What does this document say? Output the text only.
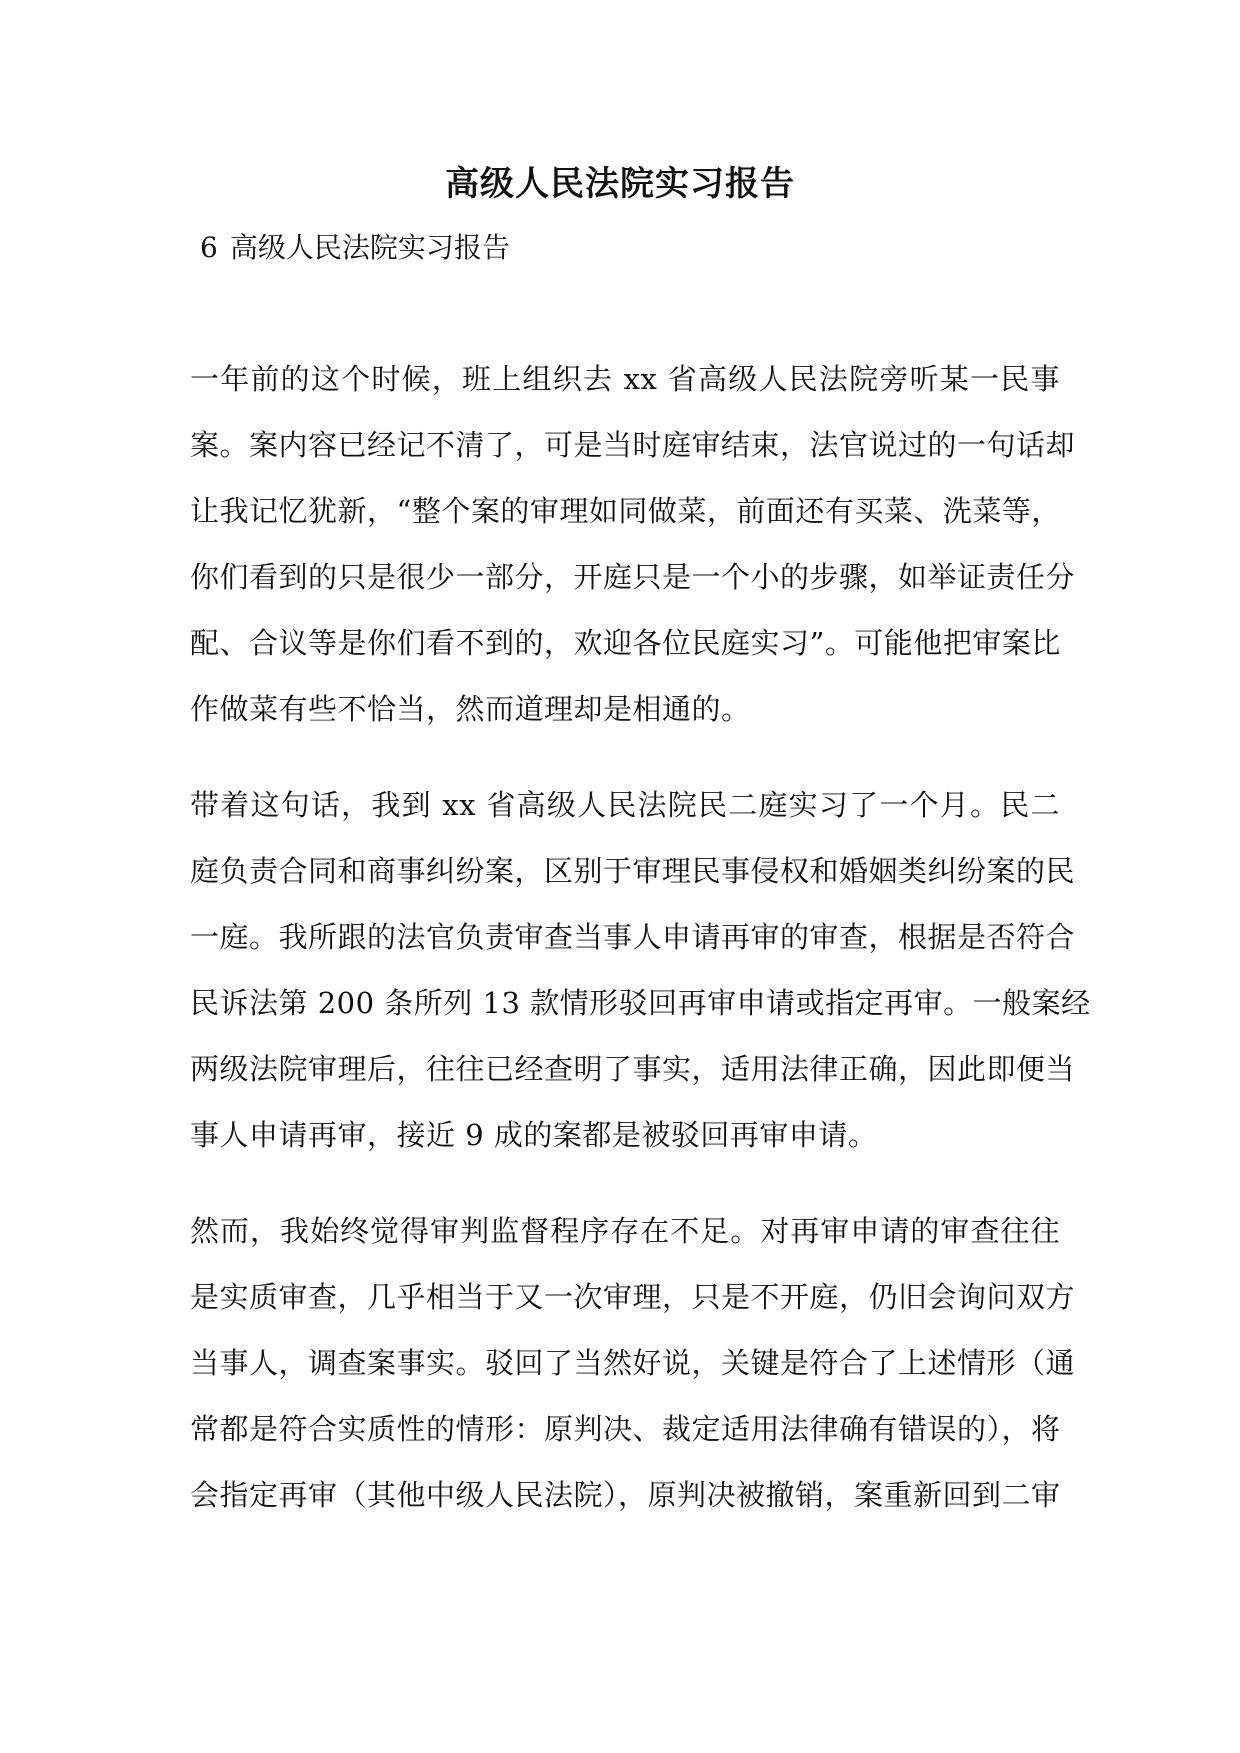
高级人民法院实习报告
6 高级人民法院实习报告
一年前的这个时候，班上组织去 xx 省高级人民法院旁听某一民事
案。案内容已经记不清了，可是当时庭审结束，法官说过的一句话却
让我记忆犹新，“整个案的审理如同做菜，前面还有买菜、洗菜等，
你们看到的只是很少一部分，开庭只是一个小的步骤，如举证责任分
配、合议等是你们看不到的，欢迎各位民庭实习”。可能他把审案比
作做菜有些不恰当，然而道理却是相通的。
带着这句话，我到 xx 省高级人民法院民二庭实习了一个月。民二
庭负责合同和商事纠纷案，区别于审理民事侵权和婚姻类纠纷案的民
一庭。我所跟的法官负责审查当事人申请再审的审查，根据是否符合
民诉法第 200 条所列 13 款情形驳回再审申请或指定再审。一般案经
两级法院审理后，往往已经查明了事实，适用法律正确，因此即便当
事人申请再审，接近 9 成的案都是被驳回再审申请。
然而，我始终觉得审判监督程序存在不足。对再审申请的审查往往
是实质审查，几乎相当于又一次审理，只是不开庭，仍旧会询问双方
当事人，调查案事实。驳回了当然好说，关键是符合了上述情形（通
常都是符合实质性的情形：原判决、裁定适用法律确有错误的），将
会指定再审（其他中级人民法院），原判决被撤销，案重新回到二审
